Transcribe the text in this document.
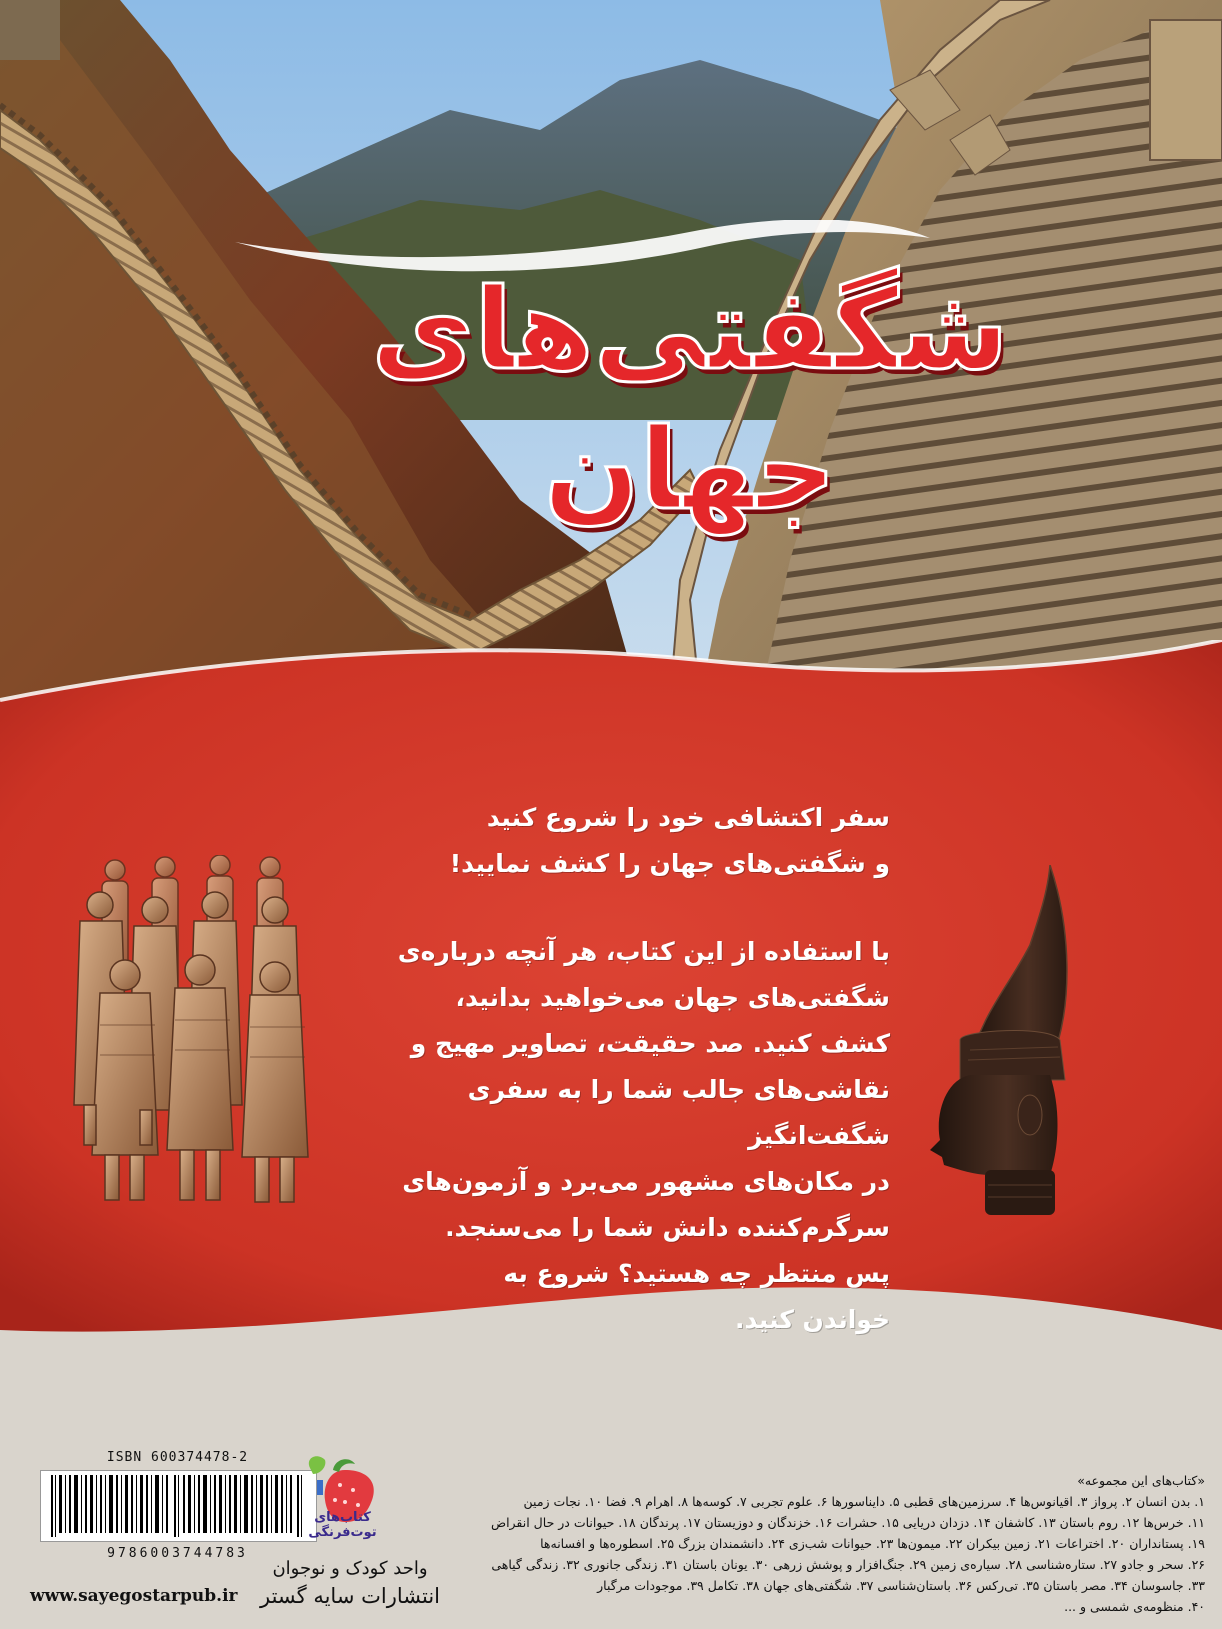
شگفتی‌های جهان

سفر اکتشافی خود را شروع کنید

و شگفتی‌های جهان را کشف نمایید!

با استفاده از این کتاب، هر آنچه درباره‌ی

شگفتی‌های جهان می‌خواهید بدانید،

کشف کنید. صد حقیقت، تصاویر مهیج و

نقاشی‌های جالب شما را به سفری شگفت‌انگیز

در مکان‌های مشهور می‌برد و آزمون‌های

سرگرم‌کننده دانش شما را می‌سنجد.

پس منتظر چه هستید؟ شروع به

خواندن کنید.

ISBN 600374478-2
9786003744783
www.sayegostarpub.ir
کتاب‌های
توت‌فرنگی
واحد کودک و نوجوان
انتشارات سایه گستر
«کتاب‌های این مجموعه»
۱. بدن انسان ۲. پرواز ۳. اقیانوس‌ها ۴. سرزمین‌های قطبی ۵. دایناسورها ۶. علوم تجربی ۷. کوسه‌ها ۸. اهرام ۹. فضا ۱۰. نجات زمین
۱۱. خرس‌ها ۱۲. روم باستان ۱۳. کاشفان ۱۴. دزدان دریایی ۱۵. حشرات ۱۶. خزندگان و دوزیستان ۱۷. پرندگان ۱۸. حیوانات در حال انقراض
۱۹. پستانداران ۲۰. اختراعات ۲۱. زمین بیکران ۲۲. میمون‌ها ۲۳. حیوانات شب‌زی ۲۴. دانشمندان بزرگ ۲۵. اسطوره‌ها و افسانه‌ها
۲۶. سحر و جادو ۲۷. ستاره‌شناسی ۲۸. سیاره‌ی زمین ۲۹. جنگ‌افزار و پوشش زرهی ۳۰. یونان باستان ۳۱. زندگی جانوری ۳۲. زندگی گیاهی
۳۳. جاسوسان ۳۴. مصر باستان ۳۵. تی‌رکس ۳۶. باستان‌شناسی ۳۷. شگفتی‌های جهان ۳۸. تکامل ۳۹. موجودات مرگبار
۴۰. منظومه‌ی شمسی و ...
